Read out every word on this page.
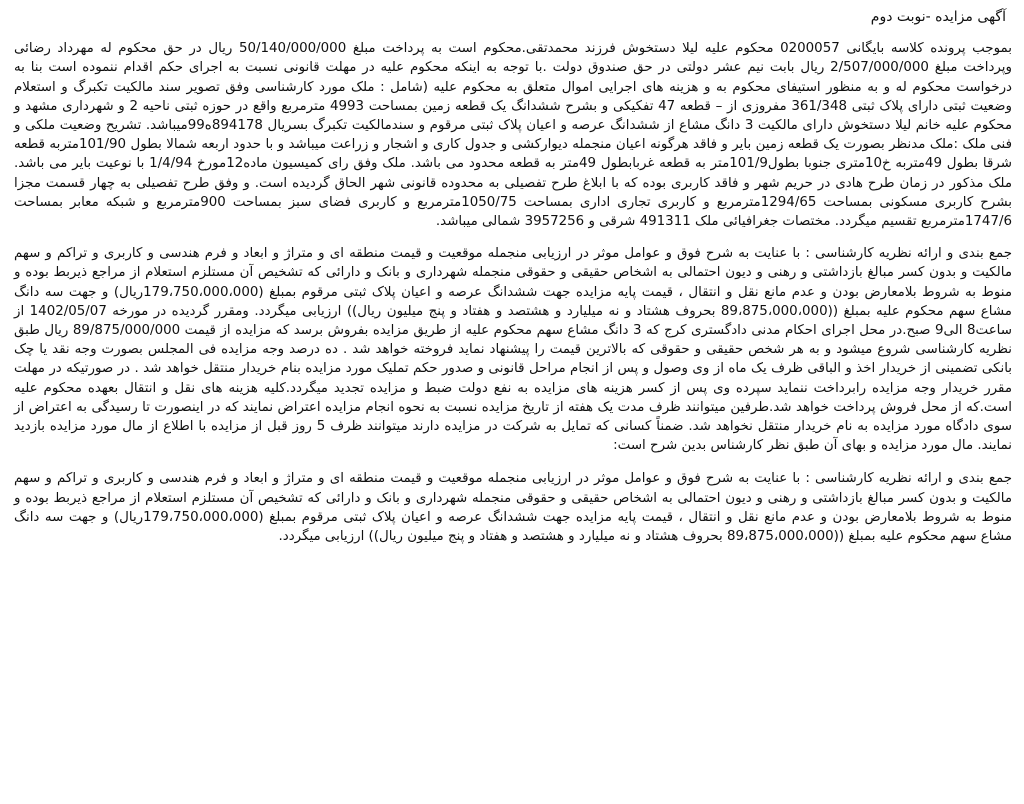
آگهی مزایده -نوبت دوم

بموجب پرونده کلاسه بایگانی 0200057 محکوم علیه لیلا دستخوش فرزند محمدتقی.محکوم است به پرداخت مبلغ 50/140/000/000 ریال در حق محکوم له مهرداد رضائی وپرداخت مبلغ 2/507/000/000 ریال بابت نیم عشر دولتی در حق صندوق دولت .با توجه به اینکه محکوم علیه در مهلت قانونی نسبت به اجرای حکم اقدام ننموده است بنا به درخواست محکوم له و به منظور استیفای محکوم به و هزینه های اجرایی اموال متعلق به محکوم علیه (شامل : ملک مورد کارشناسی وفق تصویر سند مالکیت تکبرگ و استعلام وضعیت ثبتی دارای پلاک ثبتی 361/348 مفروزی از – قطعه 47 تفکیکی و بشرح ششدانگ یک قطعه زمین بمساحت 4993 مترمربع واقع در حوزه ثبتی ناحیه 2 و شهرداری مشهد و محکوم علیه خانم لیلا دستخوش دارای مالکیت 3 دانگ مشاع از ششدانگ عرصه و اعیان پلاک ثبتی مرقوم و سندمالکیت تکبرگ بسریال 894178ه99میباشد. تشریح وضعیت ملکی و فنی ملک :ملک مدنظر بصورت یک قطعه زمین بایر و فاقد هرگونه اعیان منجمله دیوارکشی و جدول کاری و اشجار و زراعت میباشد و با حدود اربعه شمالا بطول 101/90متربه قطعه شرقا بطول 49متربه خ10متری جنوبا بطول101/9متر به قطعه غربابطول 49متر به قطعه محدود می باشد. ملک وفق رای کمیسیون ماده12مورخ 1/4/94 با نوعیت بایر می باشد. ملک مذکور در زمان طرح هادی در حریم شهر و فاقد کاربری بوده که با ابلاغ طرح تفصیلی به محدوده قانونی شهر الحاق گردیده است. و وفق طرح تفصیلی به چهار قسمت مجزا بشرح کاربری مسکونی بمساحت 1294/65مترمربع و کاربری تجاری اداری بمساحت 1050/75مترمربع و کاربری فضای سبز بمساحت 900مترمربع و شبکه معابر بمساحت 1747/6مترمربع تقسیم میگردد. مختصات جغرافیائی ملک 491311 شرقی و 3957256 شمالی میباشد.

جمع بندی و ارائه نظریه کارشناسی : با عنایت به شرح فوق و عوامل موثر در ارزیابی منجمله موقعیت و قیمت منطقه ای و متراژ و ابعاد و فرم هندسی و کاربری و تراکم و سهم مالکیت و بدون کسر مبالغ بازداشتی و رهنی و دیون احتمالی به اشخاص حقیقی و حقوقی منجمله شهرداری و بانک و دارائی که تشخیص آن مستلزم استعلام از مراجع ذیربط بوده و منوط به شروط بلامعارض بودن و عدم مانع نقل و انتقال ، قیمت پایه مزایده جهت ششدانگ عرصه و اعیان پلاک ثبتی مرقوم بمبلغ (179،750،000،000ریال) و جهت سه دانگ مشاع سهم محکوم علیه بمبلغ ((89،875،000،000 بحروف هشتاد و نه میلیارد و هشتصد و هفتاد و پنج میلیون ریال)) ارزیابی میگردد. ومقرر گردیده در مورخه 1402/05/07 از ساعت8 الی9 صبح.در محل اجرای احکام مدنی دادگستری کرج که 3 دانگ مشاع سهم محکوم علیه از طریق مزایده بفروش برسد که مزایده از قیمت 89/875/000/000 ریال طبق نظریه کارشناسی شروع میشود و به هر شخص حقیقی و حقوقی که بالاترین قیمت را پیشنهاد نماید فروخته خواهد شد . ده درصد وجه مزایده فی المجلس بصورت وجه نقد یا چک بانکی تضمینی از خریدار اخذ و الباقی ظرف یک ماه از وی وصول و پس از انجام مراحل قانونی و صدور حکم تملیک مورد مزایده بنام خریدار منتقل خواهد شد . در صورتیکه در مهلت مقرر خریدار وجه مزایده رابرداخت ننماید سپرده وی پس از کسر هزینه های مزایده به نفع دولت ضبط و مزایده تجدید میگردد.کلیه هزینه های نقل و انتقال بعهده محکوم علیه است.که از محل فروش پرداخت خواهد شد.طرفین میتوانند ظرف مدت یک هفته از تاریخ مزایده نسبت به نحوه انجام مزایده اعتراض نمایند که در اینصورت تا رسیدگی به اعتراض از سوی دادگاه مورد مزایده به نام خریدار منتقل نخواهد شد. ضمناً کسانی که تمایل به شرکت در مزایده دارند میتوانند ظرف 5 روز قبل از مزایده با اطلاع از مال مورد مزایده بازدید نمایند. مال مورد مزایده و بهای آن طبق نظر کارشناس بدین شرح است:

جمع بندی و ارائه نظریه کارشناسی : با عنایت به شرح فوق و عوامل موثر در ارزیابی منجمله موقعیت و قیمت منطقه ای و متراژ و ابعاد و فرم هندسی و کاربری و تراکم و سهم مالکیت و بدون کسر مبالغ بازداشتی و رهنی و دیون احتمالی به اشخاص حقیقی و حقوقی منجمله شهرداری و بانک و دارائی که تشخیص آن مستلزم استعلام از مراجع ذیربط بوده و منوط به شروط بلامعارض بودن و عدم مانع نقل و انتقال ، قیمت پایه مزایده جهت ششدانگ عرصه و اعیان پلاک ثبتی مرقوم بمبلغ (179،750،000،000ریال) و جهت سه دانگ مشاع سهم محکوم علیه بمبلغ ((89،875،000،000 بحروف هشتاد و نه میلیارد و هشتصد و هفتاد و پنج میلیون ریال)) ارزیابی میگردد.
